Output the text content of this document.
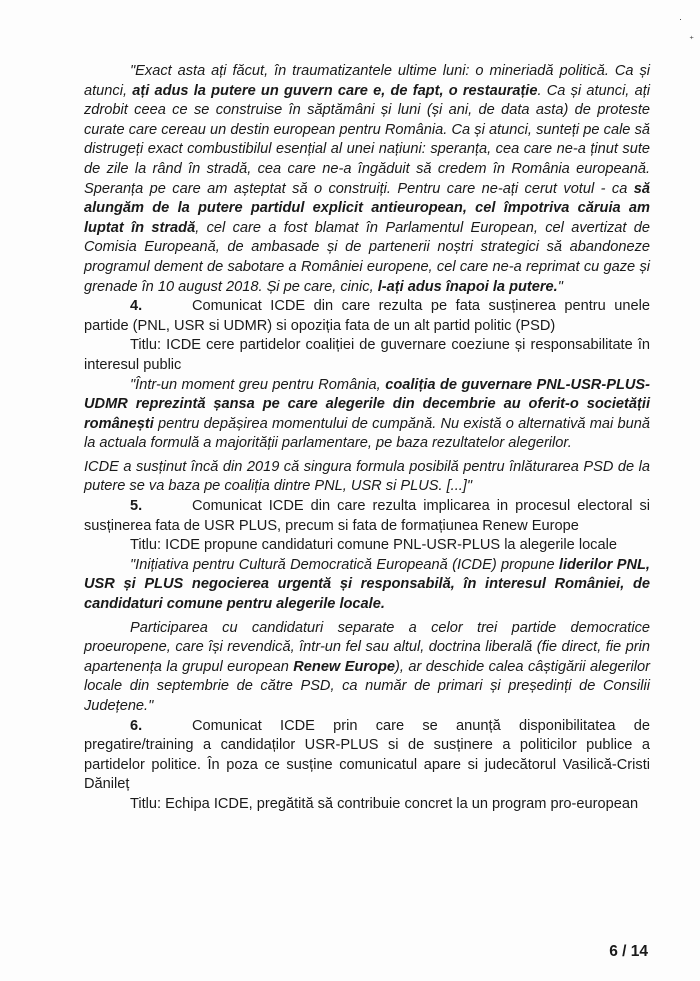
"Exact asta ați făcut, în traumatizantele ultime luni: o mineriadă politică. Ca și atunci, ați adus la putere un guvern care e, de fapt, o restaurație. Ca și atunci, ați zdrobit ceea ce se construise în săptămâni și luni (și ani, de data asta) de proteste curate care cereau un destin european pentru România. Ca și atunci, sunteți pe cale să distrugeți exact combustibilul esențial al unei națiuni: speranța, cea care ne-a ținut sute de zile la rând în stradă, cea care ne-a îngăduit să credem în România europeană. Speranța pe care am așteptat să o construiți. Pentru care ne-ați cerut votul - ca să alungăm de la putere partidul explicit antieuropean, cel împotriva căruia am luptat în stradă, cel care a fost blamat în Parlamentul European, cel avertizat de Comisia Europeană, de ambasade și de partenerii noștri strategici să abandoneze programul dement de sabotare a României europene, cel care ne-a reprimat cu gaze și grenade în 10 august 2018. Și pe care, cinic, l-ați adus înapoi la putere."

4.	Comunicat ICDE din care rezulta pe fata susținerea pentru unele partide (PNL, USR si UDMR) si opoziția fata de un alt partid politic (PSD)

Titlu: ICDE cere partidelor coaliției de guvernare coeziune și responsabilitate în interesul public

"Într-un moment greu pentru România, coaliția de guvernare PNL-USR-PLUS-UDMR reprezintă șansa pe care alegerile din decembrie au oferit-o societății românești pentru depășirea momentului de cumpănă. Nu există o alternativă mai bună la actuala formulă a majorității parlamentare, pe baza rezultatelor alegerilor.

ICDE a susținut încă din 2019 că singura formula posibilă pentru înlăturarea PSD de la putere se va baza pe coaliția dintre PNL, USR si PLUS. [...]"

5.	Comunicat ICDE din care rezulta implicarea in procesul electoral si susținerea fata de USR PLUS, precum si fata de formațiunea Renew Europe

Titlu: ICDE propune candidaturi comune PNL-USR-PLUS la alegerile locale

"Inițiativa pentru Cultură Democratică Europeană (ICDE) propune liderilor PNL, USR și PLUS negocierea urgentă și responsabilă, în interesul României, de candidaturi comune pentru alegerile locale.

Participarea cu candidaturi separate a celor trei partide democratice proeuropene, care își revendică, într-un fel sau altul, doctrina liberală (fie direct, fie prin apartenența la grupul european Renew Europe), ar deschide calea câștigării alegerilor locale din septembrie de către PSD, ca număr de primari și președinți de Consilii Județene."

6.	Comunicat ICDE prin care se anunță disponibilitatea de pregatire/training a candidaților USR-PLUS si de susținere a politicilor publice a partidelor politice. În poza ce susține comunicatul apare si judecătorul Vasilică-Cristi Dănileț

Titlu: Echipa ICDE, pregătită să contribuie concret la un program pro-european

·
⁺
6 / 14
